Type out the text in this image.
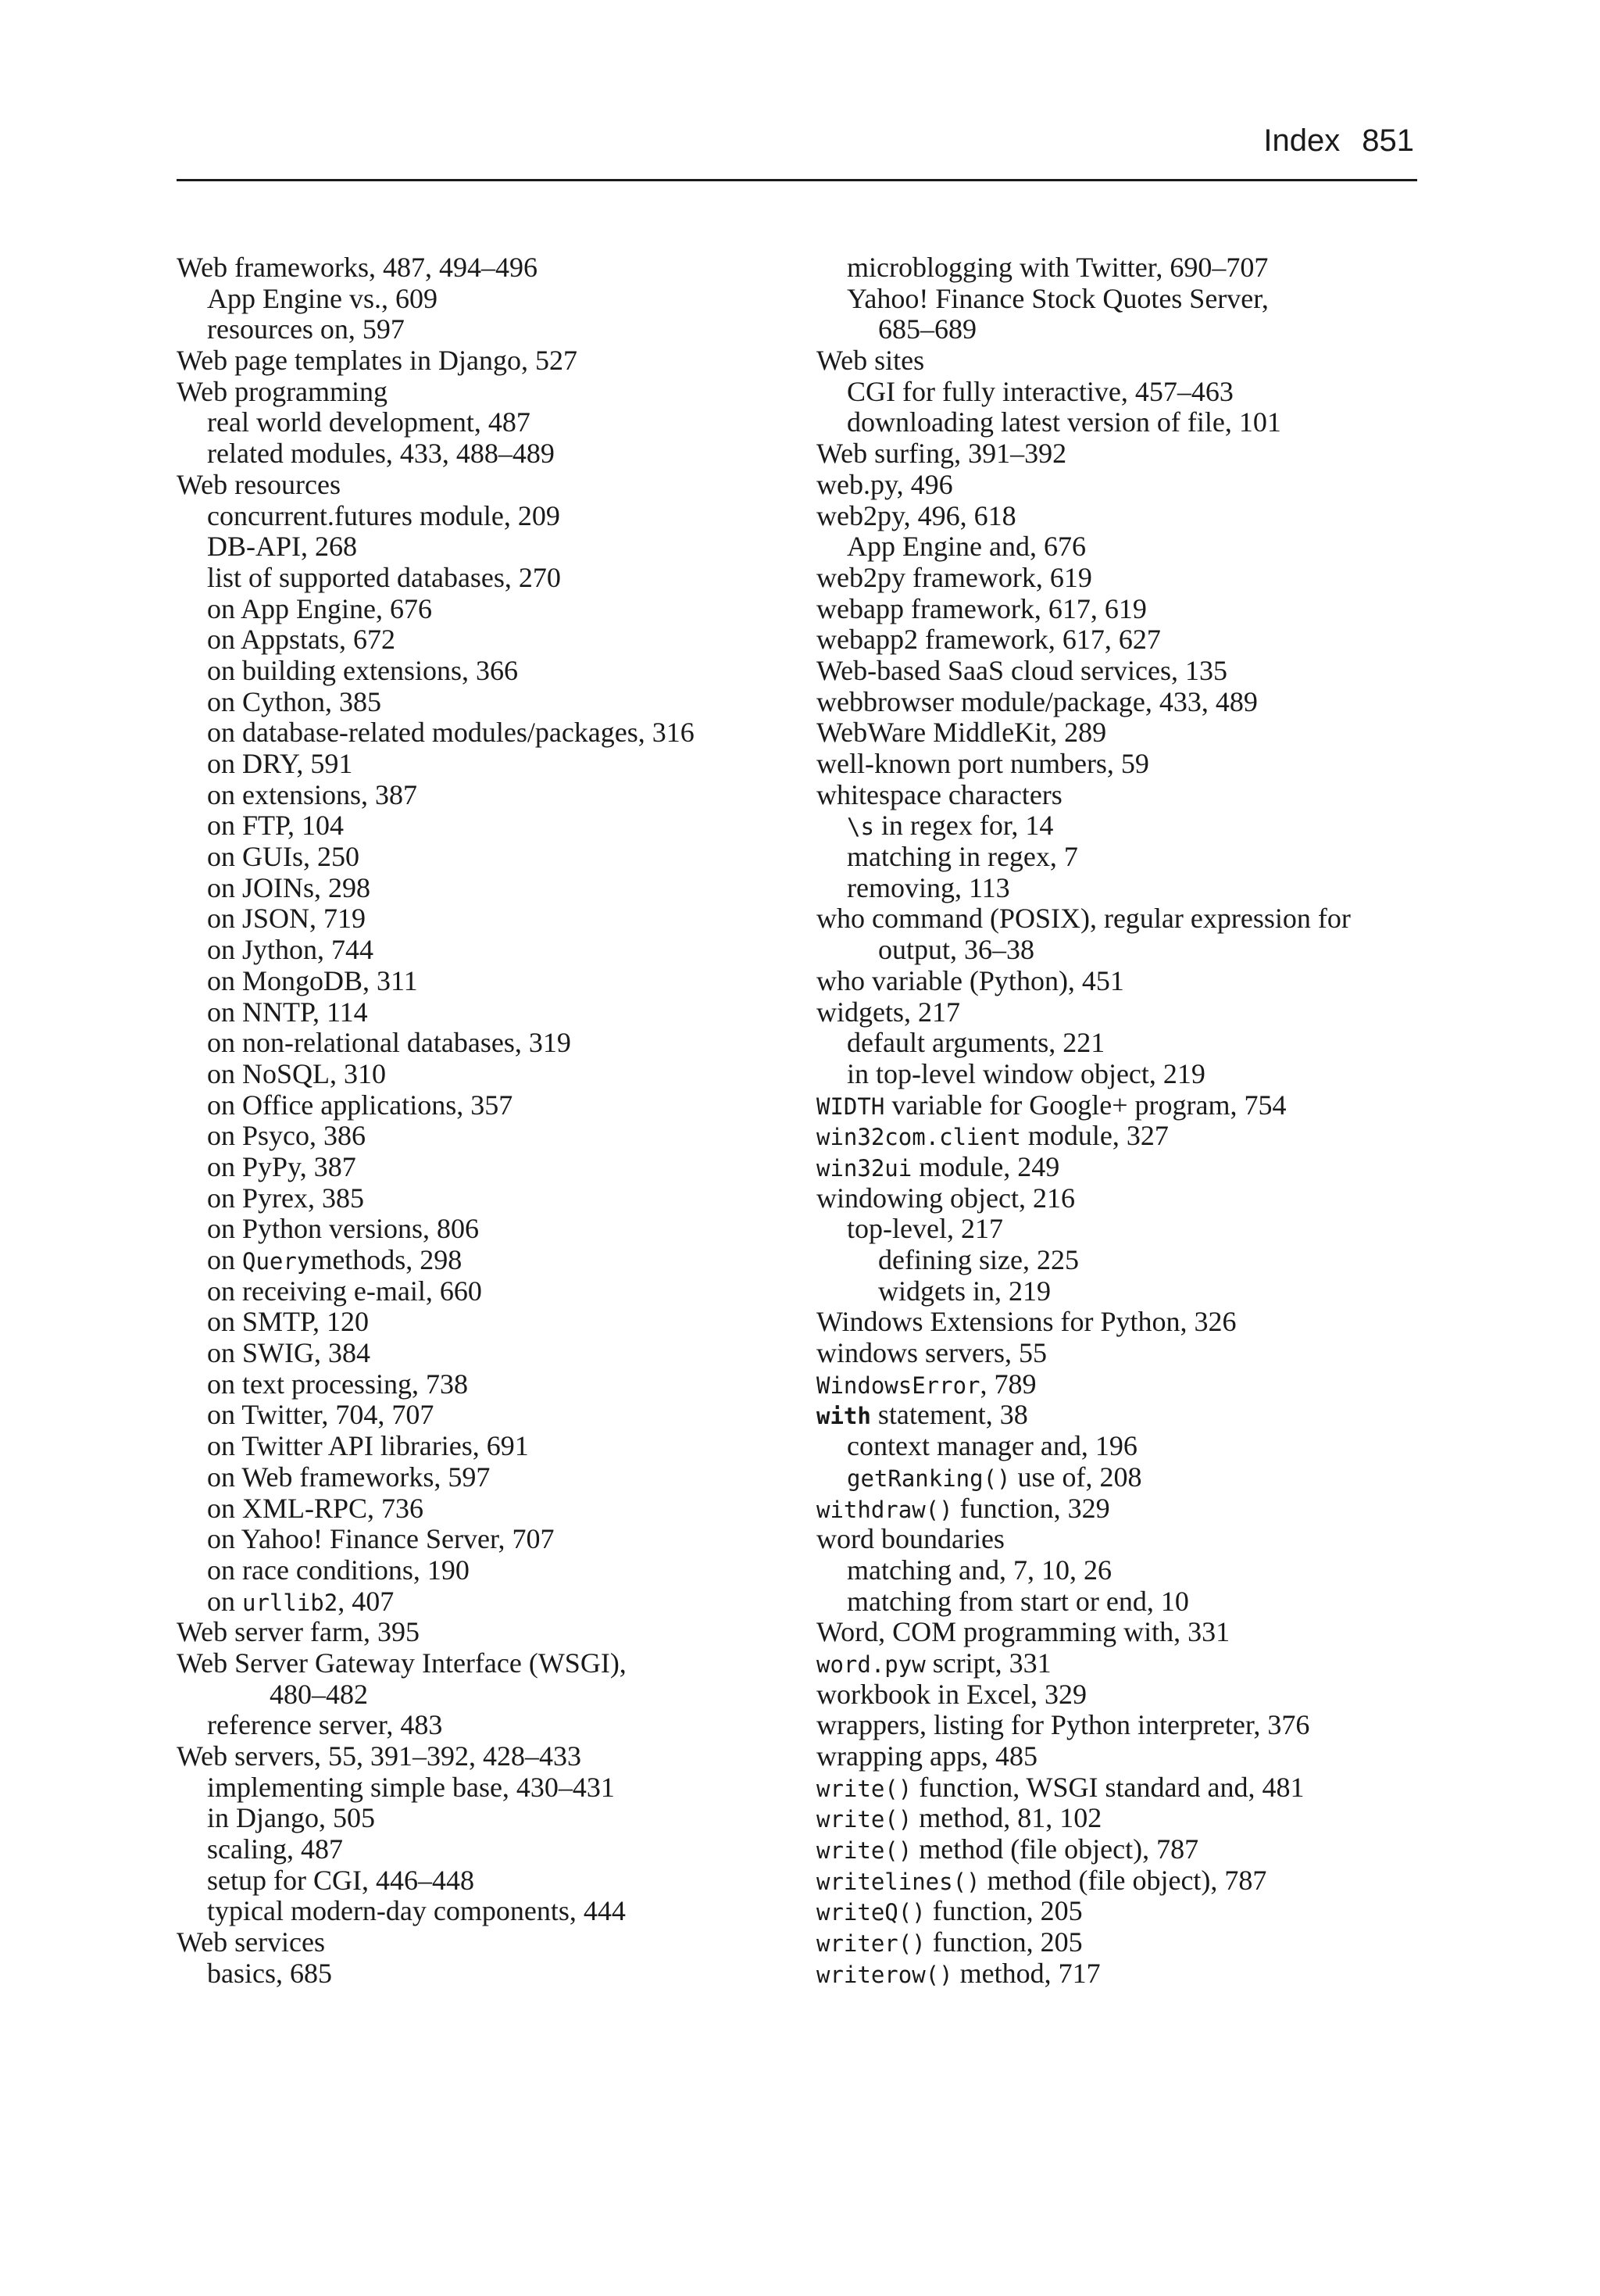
Index 851
Web frameworks, 487, 494–496
App Engine vs., 609
resources on, 597
Web page templates in Django, 527
Web programming
real world development, 487
related modules, 433, 488–489
Web resources
concurrent.futures module, 209
DB-API, 268
list of supported databases, 270
on App Engine, 676
on Appstats, 672
on building extensions, 366
on Cython, 385
on database-related modules/packages, 316
on DRY, 591
on extensions, 387
on FTP, 104
on GUIs, 250
on JOINs, 298
on JSON, 719
on Jython, 744
on MongoDB, 311
on NNTP, 114
on non-relational databases, 319
on NoSQL, 310
on Office applications, 357
on Psyco, 386
on PyPy, 387
on Pyrex, 385
on Python versions, 806
on Querymethods, 298
on receiving e-mail, 660
on SMTP, 120
on SWIG, 384
on text processing, 738
on Twitter, 704, 707
on Twitter API libraries, 691
on Web frameworks, 597
on XML-RPC, 736
on Yahoo! Finance Server, 707
on race conditions, 190
on urllib2, 407
Web server farm, 395
Web Server Gateway Interface (WSGI),
480–482
reference server, 483
Web servers, 55, 391–392, 428–433
implementing simple base, 430–431
in Django, 505
scaling, 487
setup for CGI, 446–448
typical modern-day components, 444
Web services
basics, 685
microblogging with Twitter, 690–707
Yahoo! Finance Stock Quotes Server,
685–689
Web sites
CGI for fully interactive, 457–463
downloading latest version of file, 101
Web surfing, 391–392
web.py, 496
web2py, 496, 618
App Engine and, 676
web2py framework, 619
webapp framework, 617, 619
webapp2 framework, 617, 627
Web-based SaaS cloud services, 135
webbrowser module/package, 433, 489
WebWare MiddleKit, 289
well-known port numbers, 59
whitespace characters
\s in regex for, 14
matching in regex, 7
removing, 113
who command (POSIX), regular expression for
output, 36–38
who variable (Python), 451
widgets, 217
default arguments, 221
in top-level window object, 219
WIDTH variable for Google+ program, 754
win32com.client module, 327
win32ui module, 249
windowing object, 216
top-level, 217
defining size, 225
widgets in, 219
Windows Extensions for Python, 326
windows servers, 55
WindowsError, 789
with statement, 38
context manager and, 196
getRanking() use of, 208
withdraw() function, 329
word boundaries
matching and, 7, 10, 26
matching from start or end, 10
Word, COM programming with, 331
word.pyw script, 331
workbook in Excel, 329
wrappers, listing for Python interpreter, 376
wrapping apps, 485
write() function, WSGI standard and, 481
write() method, 81, 102
write() method (file object), 787
writelines() method (file object), 787
writeQ() function, 205
writer() function, 205
writerow() method, 717
